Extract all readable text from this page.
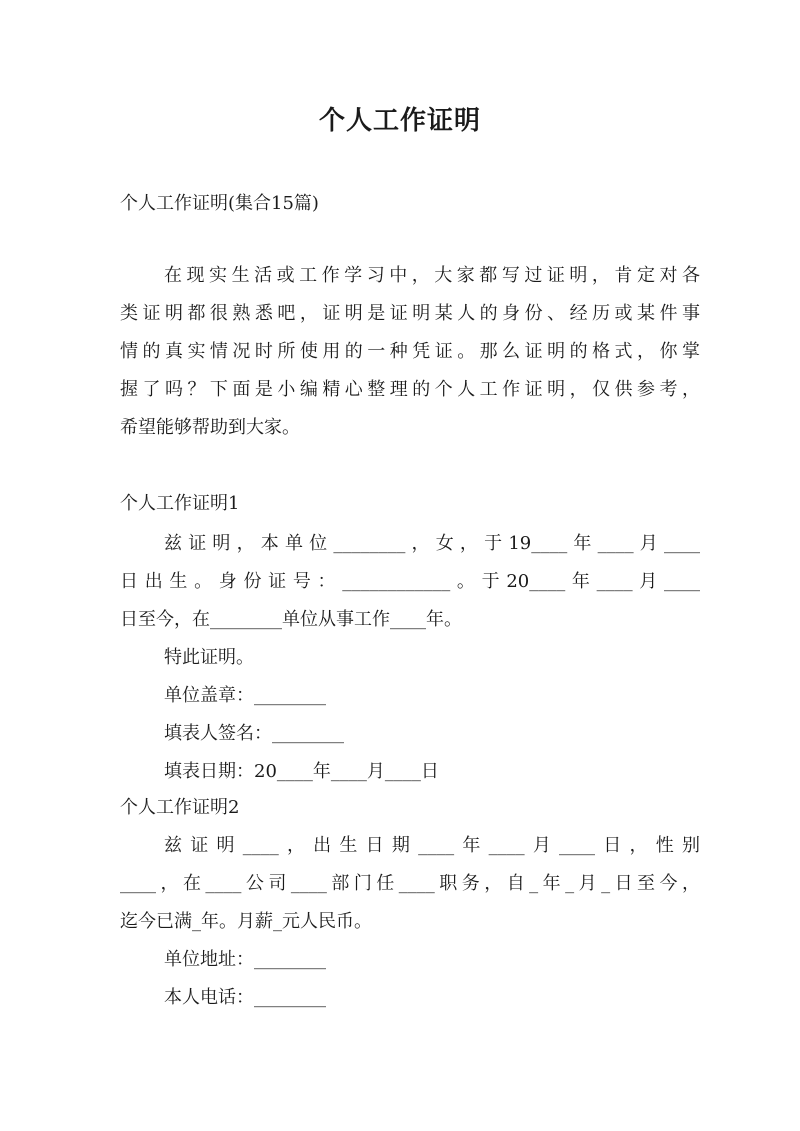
个人工作证明

个人工作证明(集合15篇)

在现实生活或工作学习中，大家都写过证明，肯定对各

类证明都很熟悉吧，证明是证明某人的身份、经历或某件事

情的真实情况时所使用的一种凭证。那么证明的格式，你掌

握了吗？下面是小编精心整理的个人工作证明，仅供参考，

希望能够帮助到大家。

个人工作证明1

兹证明，本单位________，女，于19____年____月____

日出生。身份证号：____________。于20____年____月____

日至今，在________单位从事工作____年。

特此证明。

单位盖章：________

填表人签名：________

填表日期：20____年____月____日

个人工作证明2

兹证明____，出生日期____年____月____日，性别

____，在____公司____部门任____职务，自_年_月_日至今，

迄今已满_年。月薪_元人民币。

单位地址：________

本人电话：________
